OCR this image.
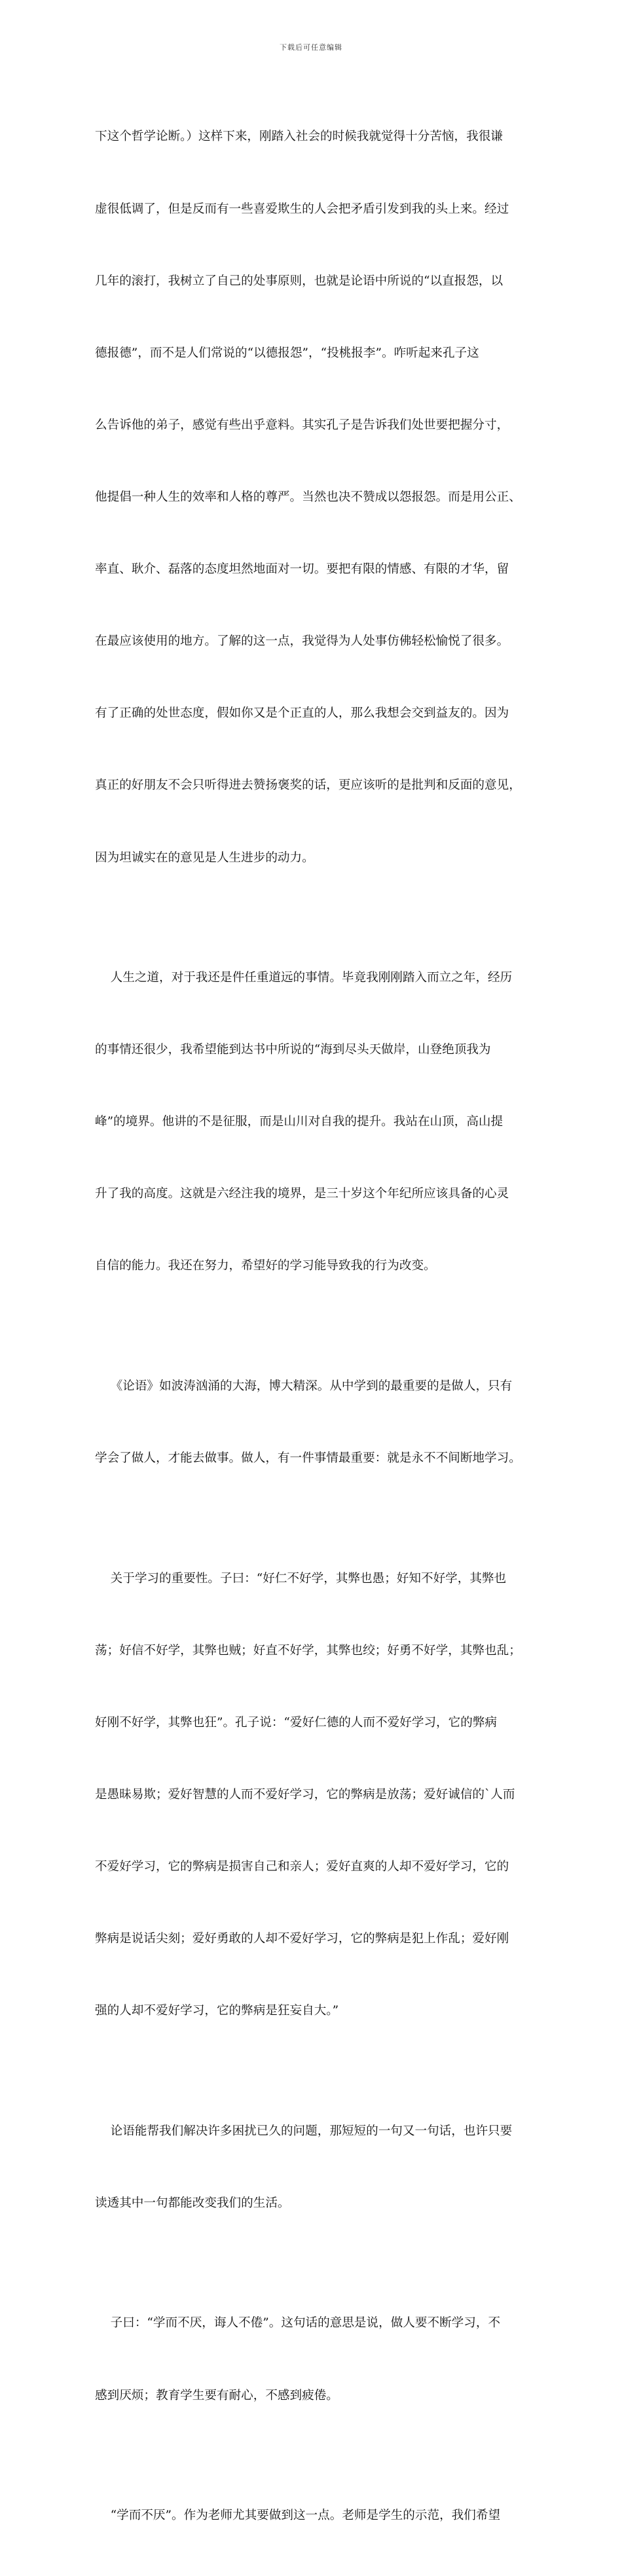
下载后可任意编辑

下这个哲学论断。）这样下来，刚踏入社会的时候我就觉得十分苦恼，我很谦

虚很低调了，但是反而有一些喜爱欺生的人会把矛盾引发到我的头上来。经过

几年的滚打，我树立了自己的处事原则，也就是论语中所说的“以直报怨，以

德报德”，而不是人们常说的“以德报怨”，“投桃报李”。咋听起来孔子这

么告诉他的弟子，感觉有些出乎意料。其实孔子是告诉我们处世要把握分寸，

他提倡一种人生的效率和人格的尊严。当然也决不赞成以怨报怨。而是用公正、

率直、耿介、磊落的态度坦然地面对一切。要把有限的情感、有限的才华，留

在最应该使用的地方。了解的这一点，我觉得为人处事仿佛轻松愉悦了很多。

有了正确的处世态度，假如你又是个正直的人，那么我想会交到益友的。因为

真正的好朋友不会只听得进去赞扬褒奖的话，更应该听的是批判和反面的意见，

因为坦诚实在的意见是人生进步的动力。

人生之道，对于我还是件任重道远的事情。毕竟我刚刚踏入而立之年，经历

的事情还很少，我希望能到达书中所说的“海到尽头天做岸，山登绝顶我为

峰”的境界。他讲的不是征服，而是山川对自我的提升。我站在山顶，高山提

升了我的高度。这就是六经注我的境界，是三十岁这个年纪所应该具备的心灵

自信的能力。我还在努力，希望好的学习能导致我的行为改变。

《论语》如波涛汹涌的大海，博大精深。从中学到的最重要的是做人，只有

学会了做人，才能去做事。做人，有一件事情最重要：就是永不不间断地学习。

关于学习的重要性。子曰：“好仁不好学，其弊也愚；好知不好学，其弊也

荡；好信不好学，其弊也贼；好直不好学，其弊也绞；好勇不好学，其弊也乱；

好刚不好学，其弊也狂”。孔子说：“爱好仁德的人而不爱好学习，它的弊病

是愚昧易欺；爱好智慧的人而不爱好学习，它的弊病是放荡；爱好诚信的`人而

不爱好学习，它的弊病是损害自己和亲人；爱好直爽的人却不爱好学习，它的

弊病是说话尖刻；爱好勇敢的人却不爱好学习，它的弊病是犯上作乱；爱好刚

强的人却不爱好学习，它的弊病是狂妄自大。”

论语能帮我们解决许多困扰已久的问题，那短短的一句又一句话，也许只要

读透其中一句都能改变我们的生活。

子曰：“学而不厌，诲人不倦”。这句话的意思是说，做人要不断学习，不

感到厌烦；教育学生要有耐心，不感到疲倦。

“学而不厌”。作为老师尤其要做到这一点。老师是学生的示范，我们希望
